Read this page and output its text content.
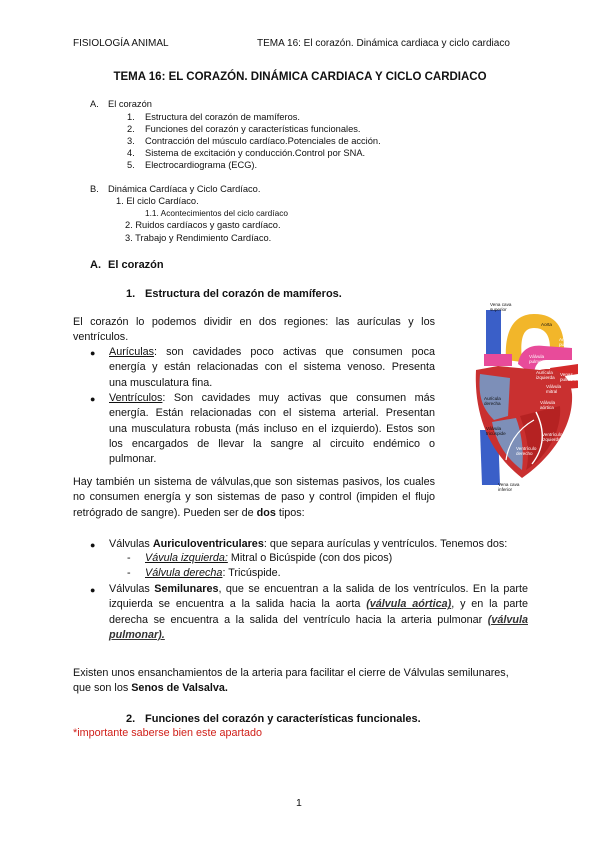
FISIOLOGÍA ANIMAL	TEMA 16: El corazón. Dinámica cardiaca y ciclo cardiaco
TEMA 16: EL CORAZÓN. DINÁMICA CARDIACA Y CICLO CARDIACO
A. El corazón
1. Estructura del corazón de mamíferos.
2. Funciones del corazón y características funcionales.
3. Contracción del músculo cardíaco.Potenciales de acción.
4. Sistema de excitación y conducción.Control por SNA.
5. Electrocardiograma (ECG).
B. Dinámica Cardíaca y Ciclo Cardíaco.
1. El ciclo Cardíaco.
1.1. Acontecimientos del ciclo cardíaco
2. Ruidos cardíacos y gasto cardíaco.
3. Trabajo y Rendimiento Cardíaco.
A. El corazón
1. Estructura del corazón de mamíferos.

El corazón lo podemos dividir en dos regiones: las aurículas y los

ventrículos.

● Aurículas: son cavidades poco activas que consumen poca

energía y están relacionadas con el sistema venoso. Presenta

una musculatura fina.

● Ventrículos: Son cavidades muy activas que consumen más

energía. Están relacionadas con el sistema arterial. Presentan

una musculatura robusta (más incluso en el izquierdo). Estos son

los encargados de llevar la sangre al circuito endémico o

pulmonar.

Hay también un sistema de válvulas,que son sistemas pasivos, los cuales

no consumen energía y son sistemas de paso y control (impiden el flujo

retrógrado de sangre). Pueden ser de dos tipos:

● Válvulas Auriculoventriculares: que separa aurículas y ventrículos. Tenemos dos:
- Vávula izquierda: Mitral o Bicúspide (con dos picos)
- Válvula derecha: Tricúspide.
● Válvulas Semilunares, que se encuentran a la salida de los ventrículos. En la parte

izquierda se encuentra a la salida hacia la aorta (válvula aórtica), y en la parte

derecha se encuentra a la salida del ventrículo hacia la arteria pulmonar (válvula

pulmonar).

Existen unos ensanchamientos de la arteria para facilitar el cierre de Válvulas semilunares,

que son los Senos de Valsalva.

2. Funciones del corazón y características funcionales.
*importante saberse bien este apartado
1
Vena cava
superior
Aorta
Arteria
pulmonar
Válvula
pulmonar
Venas
pulmonares
Aurícula
izquierda
Válvula
mitral
Aurícula
derecha	Válvula
aórtica
Válvula
tricúspide	Ventrículo
izquierdo
Ventrículo
derecho
Vena cava
inferior
